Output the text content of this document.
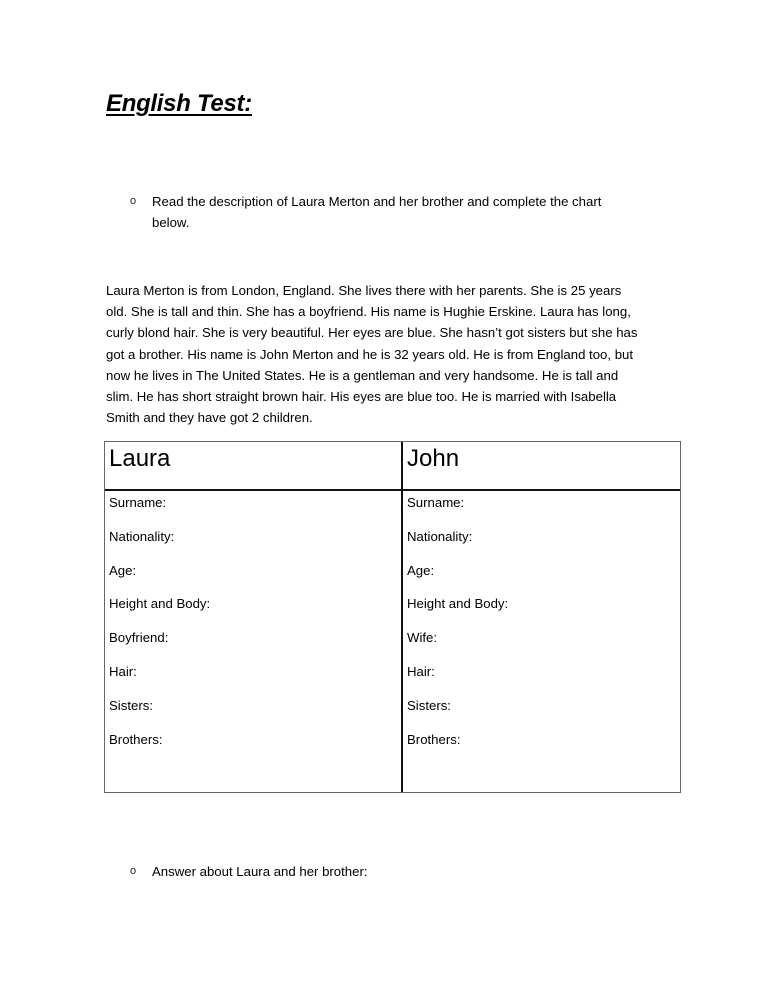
English Test:
o	Read the description of Laura Merton and her brother and complete the chart below.
Laura Merton is from London, England. She lives there with her parents. She is 25 years old. She is tall and thin. She has a boyfriend. His name is Hughie Erskine. Laura has long, curly blond hair. She is very beautiful. Her eyes are blue. She hasn’t got sisters but she has got a brother. His name is John Merton and he is 32 years old. He is from England too, but now he lives in The United States. He is a gentleman and very handsome. He is tall and slim. He has short straight brown hair. His eyes are blue too. He is married with Isabella Smith and they have got 2 children.
Laura
Surname:
Nationality:
Age:
Height and Body:
Boyfriend:
Hair:
Sisters:
Brothers:
John
Surname:
Nationality:
Age:
Height and Body:
Wife:
Hair:
Sisters:
Brothers:
o	Answer about Laura and her brother:
